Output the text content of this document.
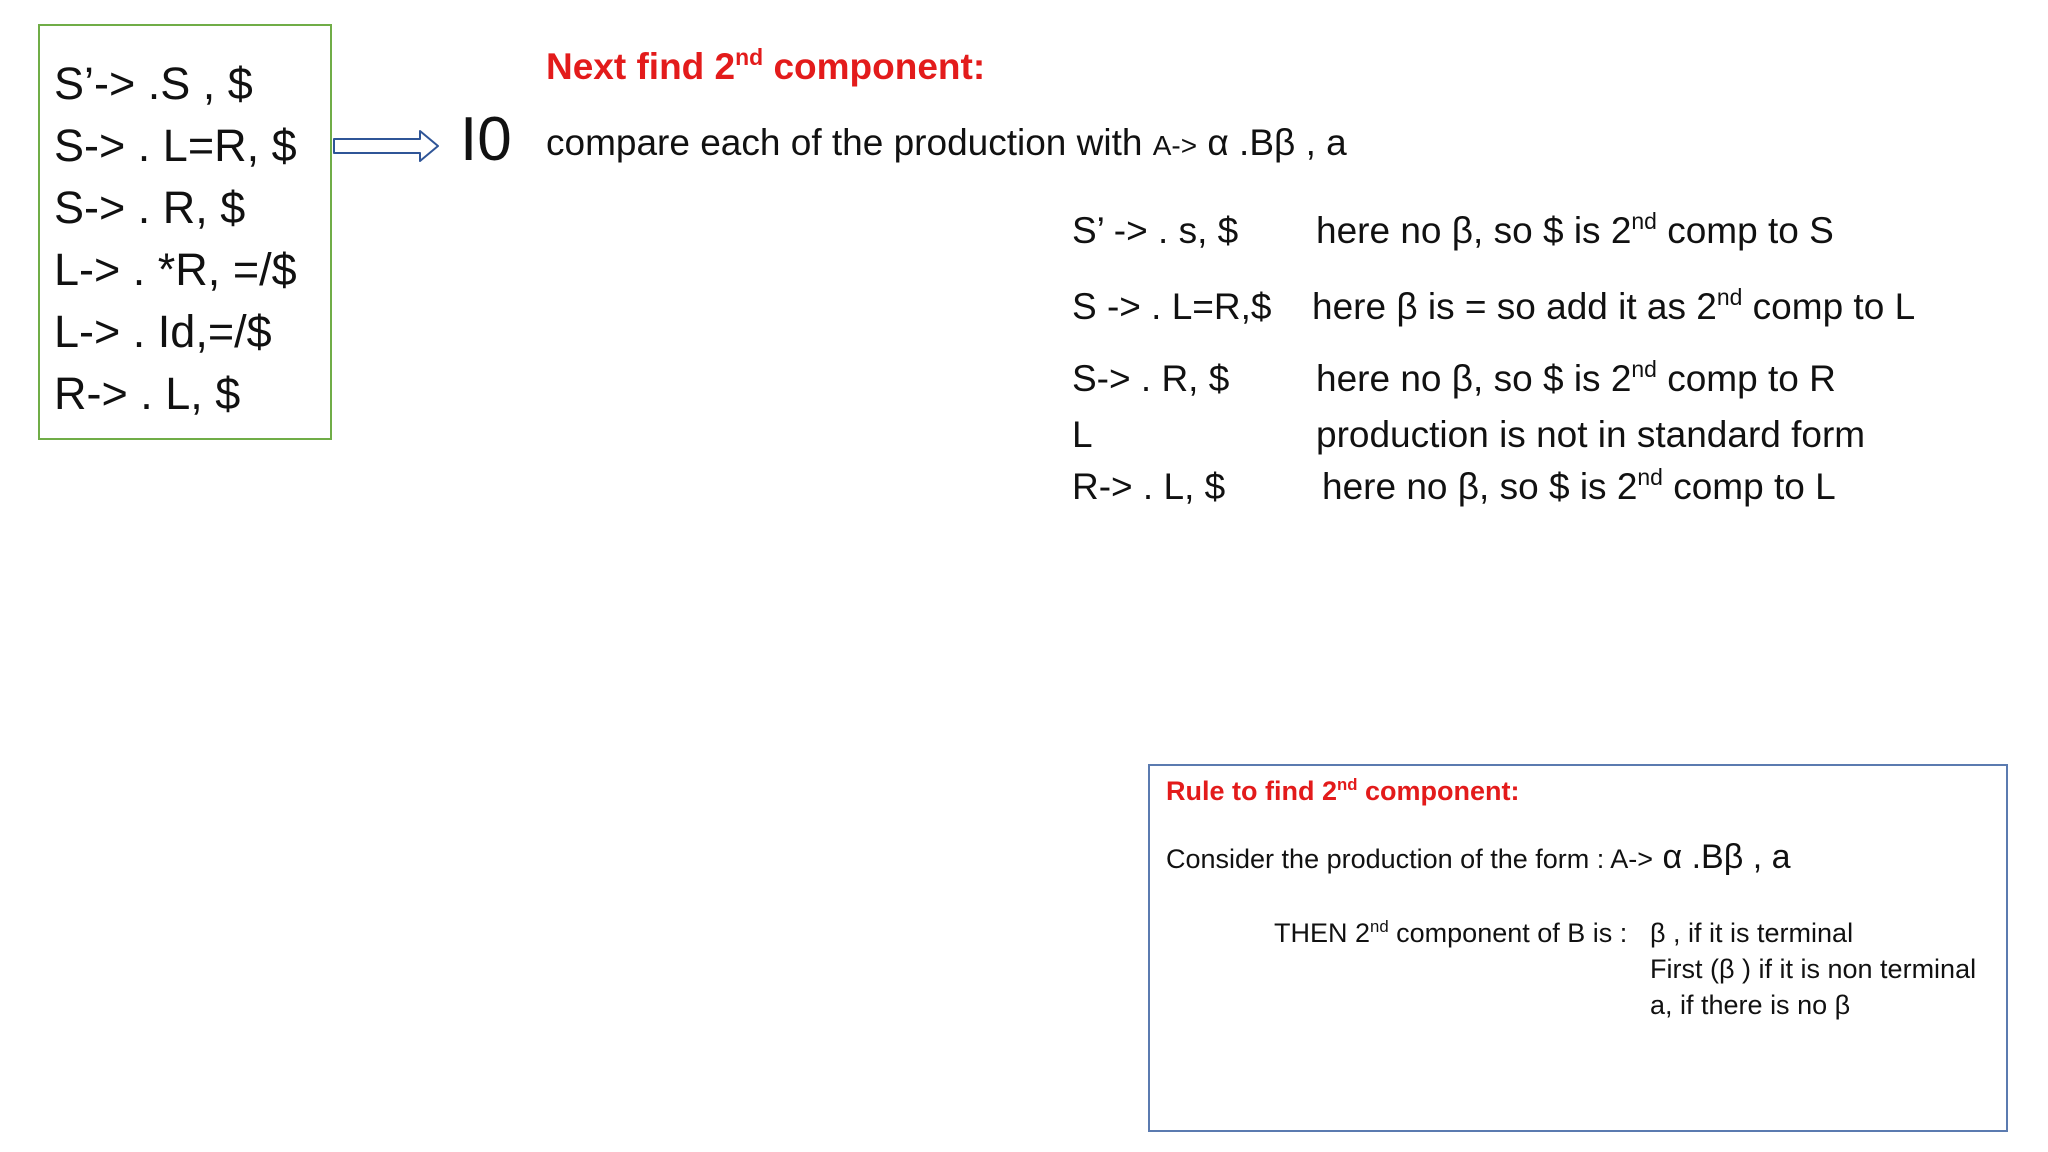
S’-> .S , $
S-> . L=R, $
S-> . R, $
L-> . *R, =/$
L-> . Id,=/$
R-> . L, $
I0
Next find 2nd component:
compare each of the production with A-> α .Bβ , a
S’ -> . s, $ here no β, so $ is 2nd comp to S
S -> . L=R,$ here β is = so add it as 2nd comp to L
S-> . R, $ here no β, so $ is 2nd comp to R
L	production is not in standard form
R-> . L, $	here no β, so $ is 2nd comp to L
Rule to find 2nd component:
Consider the production of the form : A-> α .Bβ , a
THEN 2nd component of B is : β , if it is terminal
First (β ) if it is non terminal
a, if there is no β
